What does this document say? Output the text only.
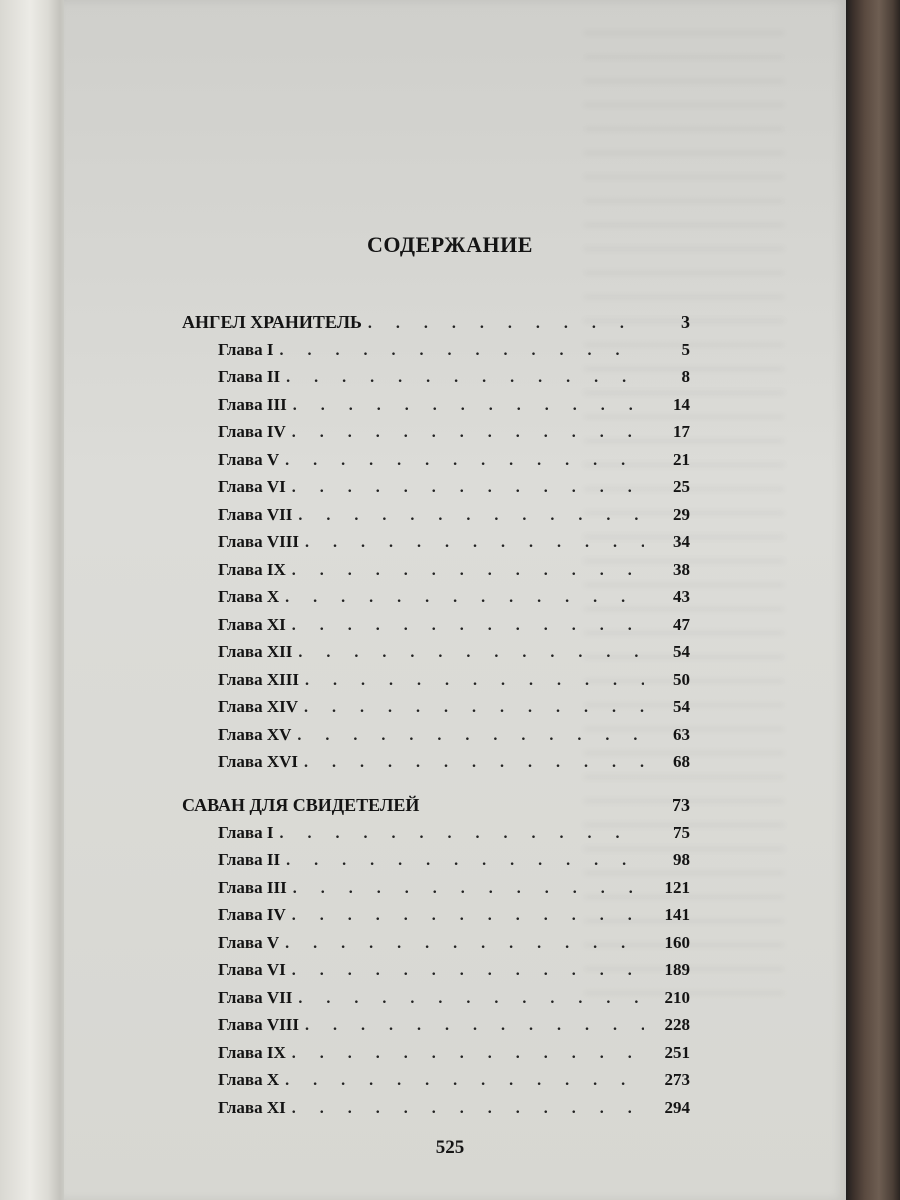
СОДЕРЖАНИЕ
АНГЕЛ ХРАНИТЕЛЬ . . .	3
Глава I . . .	5
Глава II . . .	8
Глава III . . .	14
Глава IV . . .	17
Глава V . . .	21
Глава VI . . .	25
Глава VII . . .	29
Глава VIII . . .	34
Глава IX . . .	38
Глава X . . .	43
Глава XI . . .	47
Глава XII . . .	54
Глава XIII . . .	50
Глава XIV . . .	54
Глава XV . . .	63
Глава XVI . . .	68
САВАН ДЛЯ СВИДЕТЕЛЕЙ	73
Глава I . . .	75
Глава II . . .	98
Глава III . . .	121
Глава IV . . .	141
Глава V . . .	160
Глава VI . . .	189
Глава VII . . .	210
Глава VIII . . .	228
Глава IX . . .	251
Глава X . . .	273
Глава XI . . .	294
525
